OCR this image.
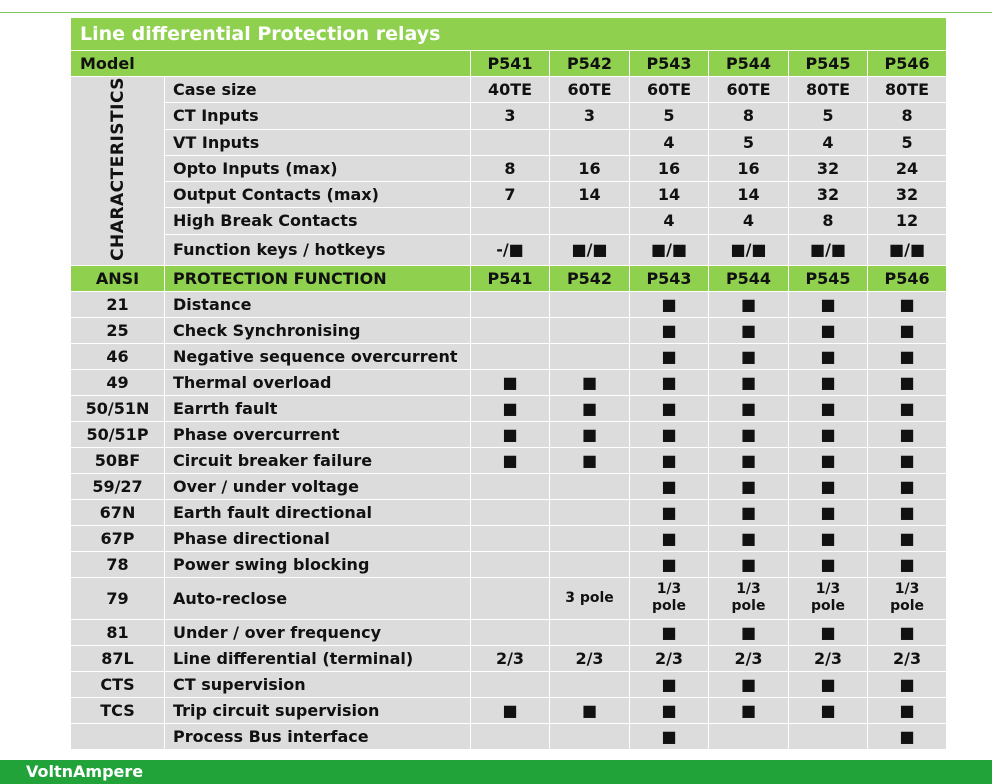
Line differential Protection relays							
Model		P541	P542	P543	P544	P545	P546
CHARACTERISTICS	Case size	40TE	60TE	60TE	60TE	80TE	80TE
	CT Inputs	3	3	5	8	5	8
	VT Inputs			4	5	4	5
	Opto Inputs (max)	8	16	16	16	32	24
	Output Contacts (max)	7	14	14	14	32	32
	High Break Contacts			4	4	8	12
	Function keys / hotkeys	-/■	■/■	■/■	■/■	■/■	■/■
ANSI	PROTECTION FUNCTION	P541	P542	P543	P544	P545	P546
21	Distance			■	■	■	■
25	Check Synchronising			■	■	■	■
46	Negative sequence overcurrent			■	■	■	■
49	Thermal overload	■	■	■	■	■	■
50/51N	Earrth fault	■	■	■	■	■	■
50/51P	Phase overcurrent	■	■	■	■	■	■
50BF	Circuit breaker failure	■	■	■	■	■	■
59/27	Over / under voltage			■	■	■	■
67N	Earth fault directional			■	■	■	■
67P	Phase directional			■	■	■	■
78	Power swing blocking			■	■	■	■
79	Auto-reclose		3 pole	1/3 pole	1/3 pole	1/3 pole	1/3 pole
81	Under / over frequency			■	■	■	■
87L	Line differential (terminal)	2/3	2/3	2/3	2/3	2/3	2/3
CTS	CT supervision			■	■	■	■
TCS	Trip circuit supervision	■	■	■	■	■	■
	Process Bus interface			■			■
VoltnAmpere
